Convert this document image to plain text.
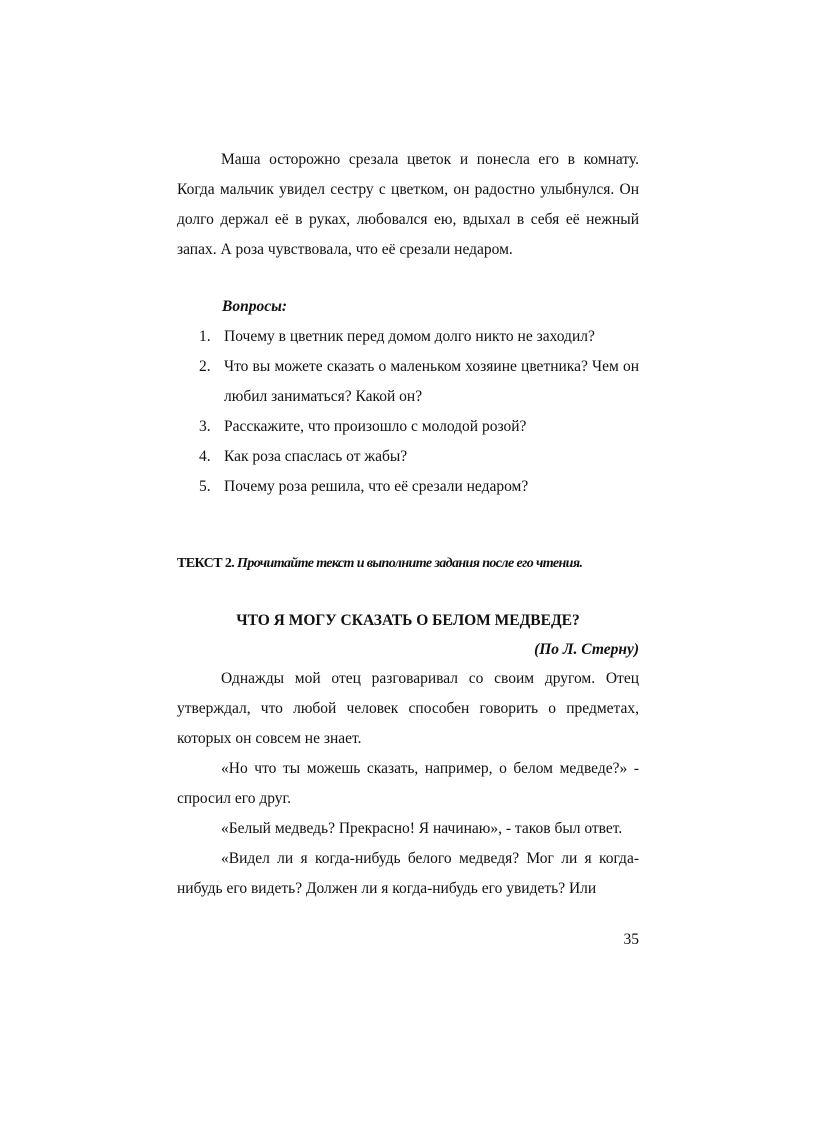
Маша осторожно срезала цветок и понесла его в комнату. Когда мальчик увидел сестру с цветком, он радостно улыбнулся. Он долго держал её в руках, любовался ею, вдыхал в себя её нежный запах. А роза чувствовала, что её срезали недаром.

Вопросы:

1. Почему в цветник перед домом долго никто не заходил?
2. Что вы можете сказать о маленьком хозяине цветника? Чем он любил заниматься? Какой он?
3. Расскажите, что произошло с молодой розой?
4. Как роза спаслась от жабы?
5. Почему роза решила, что её срезали недаром?
ТЕКСТ 2. Прочитайте текст и выполните задания после его чтения.
ЧТО Я МОГУ СКАЗАТЬ О БЕЛОМ МЕДВЕДЕ?
(По Л. Стерну)

Однажды мой отец разговаривал со своим другом. Отец утверждал, что любой человек способен говорить о предметах, которых он совсем не знает.

«Но что ты можешь сказать, например, о белом медведе?» - спросил его друг.

«Белый медведь? Прекрасно! Я начинаю», - таков был ответ.

«Видел ли я когда-нибудь белого медведя? Мог ли я когда-нибудь его видеть? Должен ли я когда-нибудь его увидеть? Или

35
